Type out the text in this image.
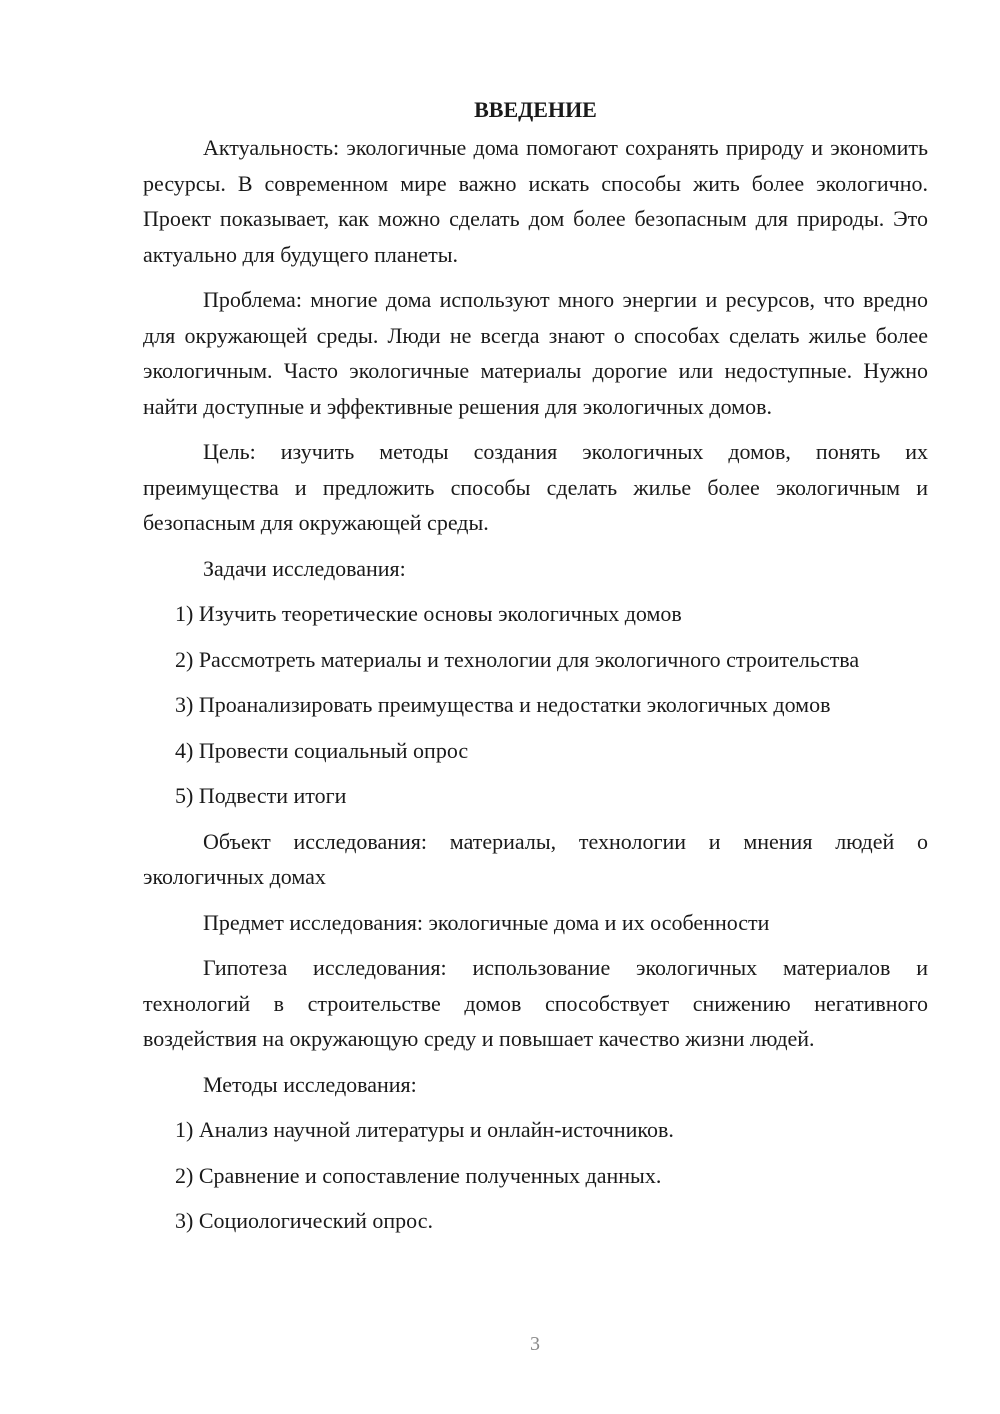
ВВЕДЕНИЕ

Актуальность: экологичные дома помогают сохранять природу и экономить ресурсы. В современном мире важно искать способы жить более экологично. Проект показывает, как можно сделать дом более безопасным для природы. Это актуально для будущего планеты.

Проблема: многие дома используют много энергии и ресурсов, что вредно для окружающей среды. Люди не всегда знают о способах сделать жилье более экологичным. Часто экологичные материалы дорогие или недоступные. Нужно найти доступные и эффективные решения для экологичных домов.

Цель: изучить методы создания экологичных домов, понять их преимущества и предложить способы сделать жилье более экологичным и безопасным для окружающей среды.

Задачи исследования:

1) Изучить теоретические основы экологичных домов

2) Рассмотреть материалы и технологии для экологичного строительства

3) Проанализировать преимущества и недостатки экологичных домов

4) Провести социальный опрос

5) Подвести итоги

Объект исследования: материалы, технологии и мнения людей о экологичных домах

Предмет исследования: экологичные дома и их особенности

Гипотеза исследования: использование экологичных материалов и технологий в строительстве домов способствует снижению негативного воздействия на окружающую среду и повышает качество жизни людей.

Методы исследования:

1) Анализ научной литературы и онлайн-источников.

2) Сравнение и сопоставление полученных данных.

3) Социологический опрос.

3
